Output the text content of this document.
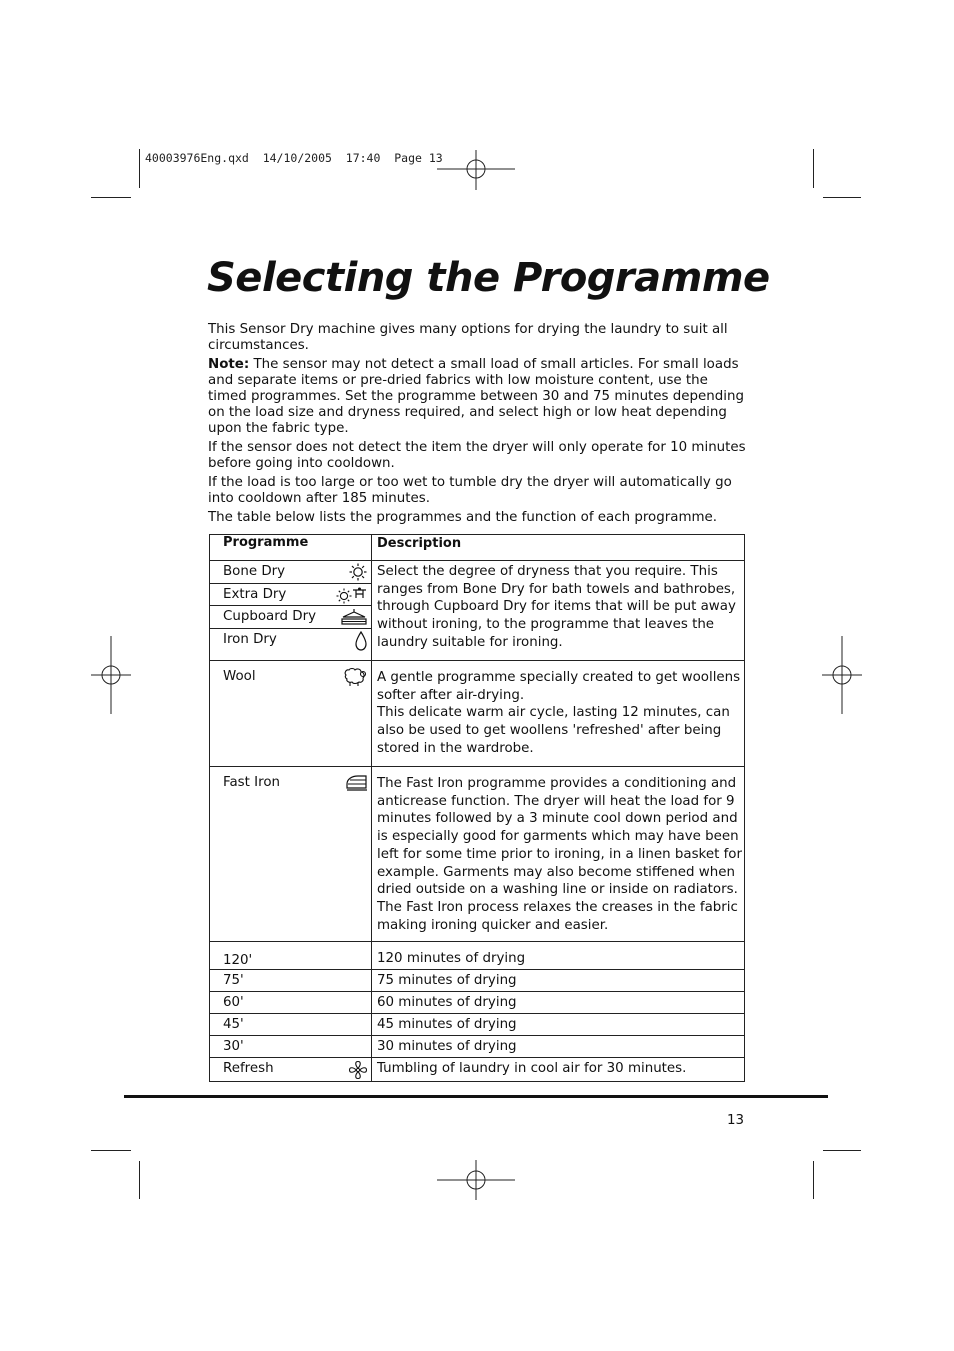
40003976Eng.qxd  14/10/2005  17:40  Page 13
Selecting the Programme

This Sensor Dry machine gives many options for drying the laundry to suit all circumstances.

Note: The sensor may not detect a small load of small articles. For small loads and separate items or pre-dried fabrics with low moisture content, use the timed programmes. Set the programme between 30 and 75 minutes depending on the load size and dryness required, and select high or low heat depending upon the fabric type.

If the sensor does not detect the item the dryer will only operate for 10 minutes before going into cooldown.

If the load is too large or too wet to tumble dry the dryer will automatically go into cooldown after 185 minutes.

The table below lists the programmes and the function of each programme.

Programme	Description

Bone Dry	Select the degree of dryness that you require. This ranges from Bone Dry for bath towels and bathrobes, through Cupboard Dry for items that will be put away without ironing, to the programme that leaves the laundry suitable for ironing.

Extra Dry	

Cupboard Dry	

Iron Dry	

Wool	A gentle programme specially created to get woollens softer after air-drying.
This delicate warm air cycle, lasting 12 minutes, can also be used to get woollens 'refreshed' after being stored in the wardrobe.

Fast Iron	The Fast Iron programme provides a conditioning and anticrease function. The dryer will heat the load for 9 minutes followed by a 3 minute cool down period and is especially good for garments which may have been left for some time prior to ironing, in a linen basket for example. Garments may also become stiffened when dried outside on a washing line or inside on radiators. The Fast Iron process relaxes the creases in the fabric making ironing quicker and easier.
120'	120 minutes of drying
75'	75 minutes of drying
60'	60 minutes of drying
45'	45 minutes of drying
30'	30 minutes of drying

Refresh	Tumbling of laundry in cool air for 30 minutes.
13
